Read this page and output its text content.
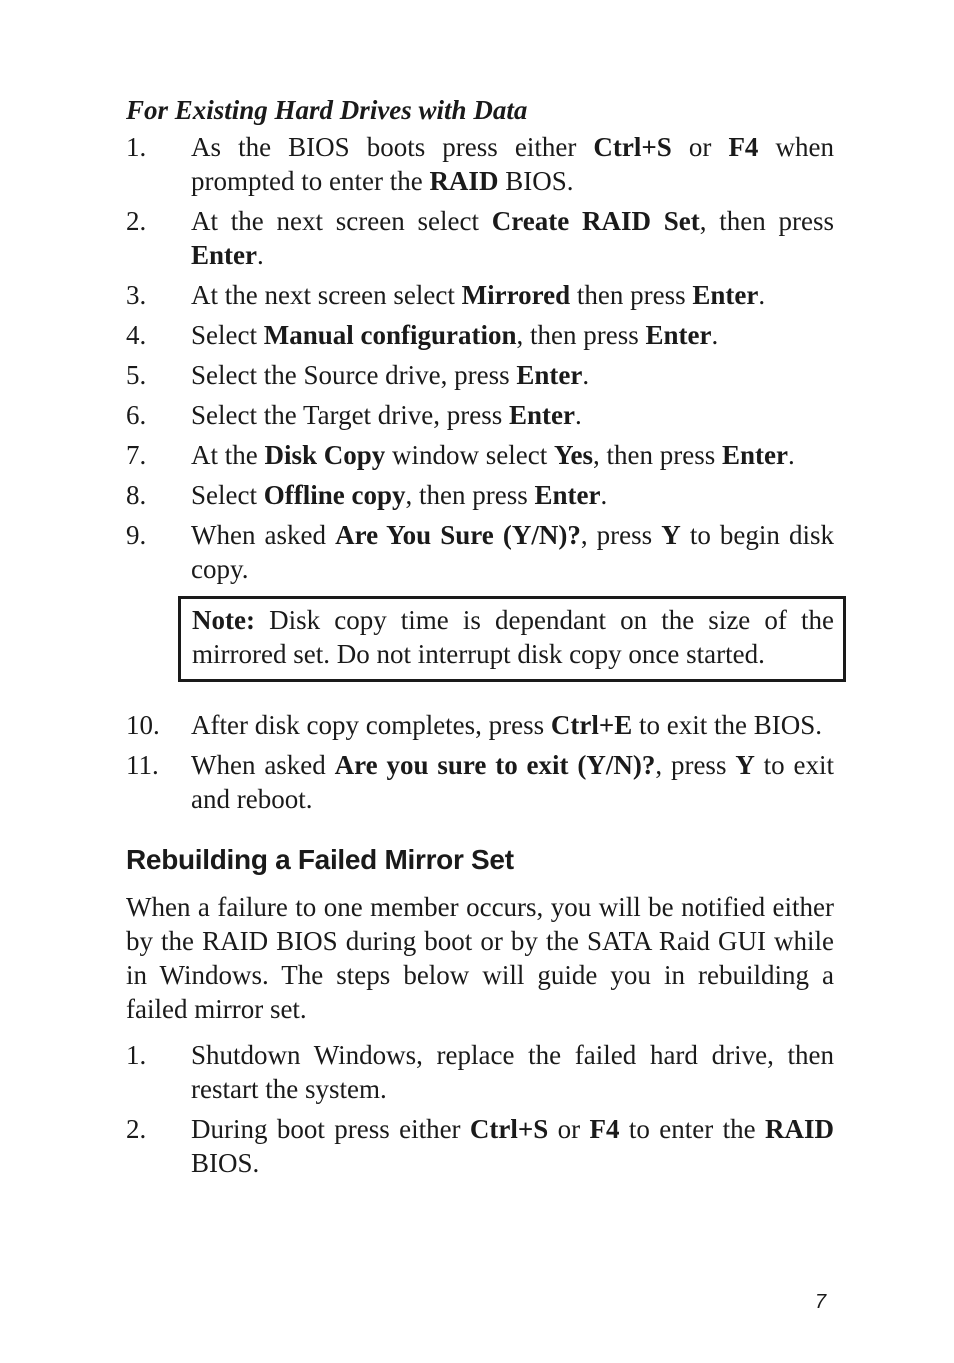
For Existing Hard Drives with Data
1.	As the BIOS boots press either Ctrl+S or F4 when prompted to enter the RAID BIOS.
2.	At the next screen select Create RAID Set, then press Enter.
3.	At the next screen select Mirrored then press Enter.
4.	Select Manual configuration, then press Enter.
5.	Select the Source drive, press Enter.
6.	Select the Target drive, press Enter.
7.	At the Disk Copy window select Yes, then press Enter.
8.	Select Offline copy, then press Enter.
9.	When asked Are You Sure (Y/N)?, press Y to begin disk copy.
Note: Disk copy time is dependant on the size of the mirrored set. Do not interrupt disk copy once started.
10.	After disk copy completes, press Ctrl+E to exit the BIOS.
11.	When asked Are you sure to exit (Y/N)?, press Y to exit and reboot.
Rebuilding a Failed Mirror Set
When a failure to one member occurs, you will be notified either by the RAID BIOS during boot or by the SATA Raid GUI while in Windows. The steps below will guide you in rebuilding a failed mirror set.
1.	Shutdown Windows, replace the failed hard drive, then restart the system.
2.	During boot press either Ctrl+S or F4 to enter the RAID BIOS.
7
